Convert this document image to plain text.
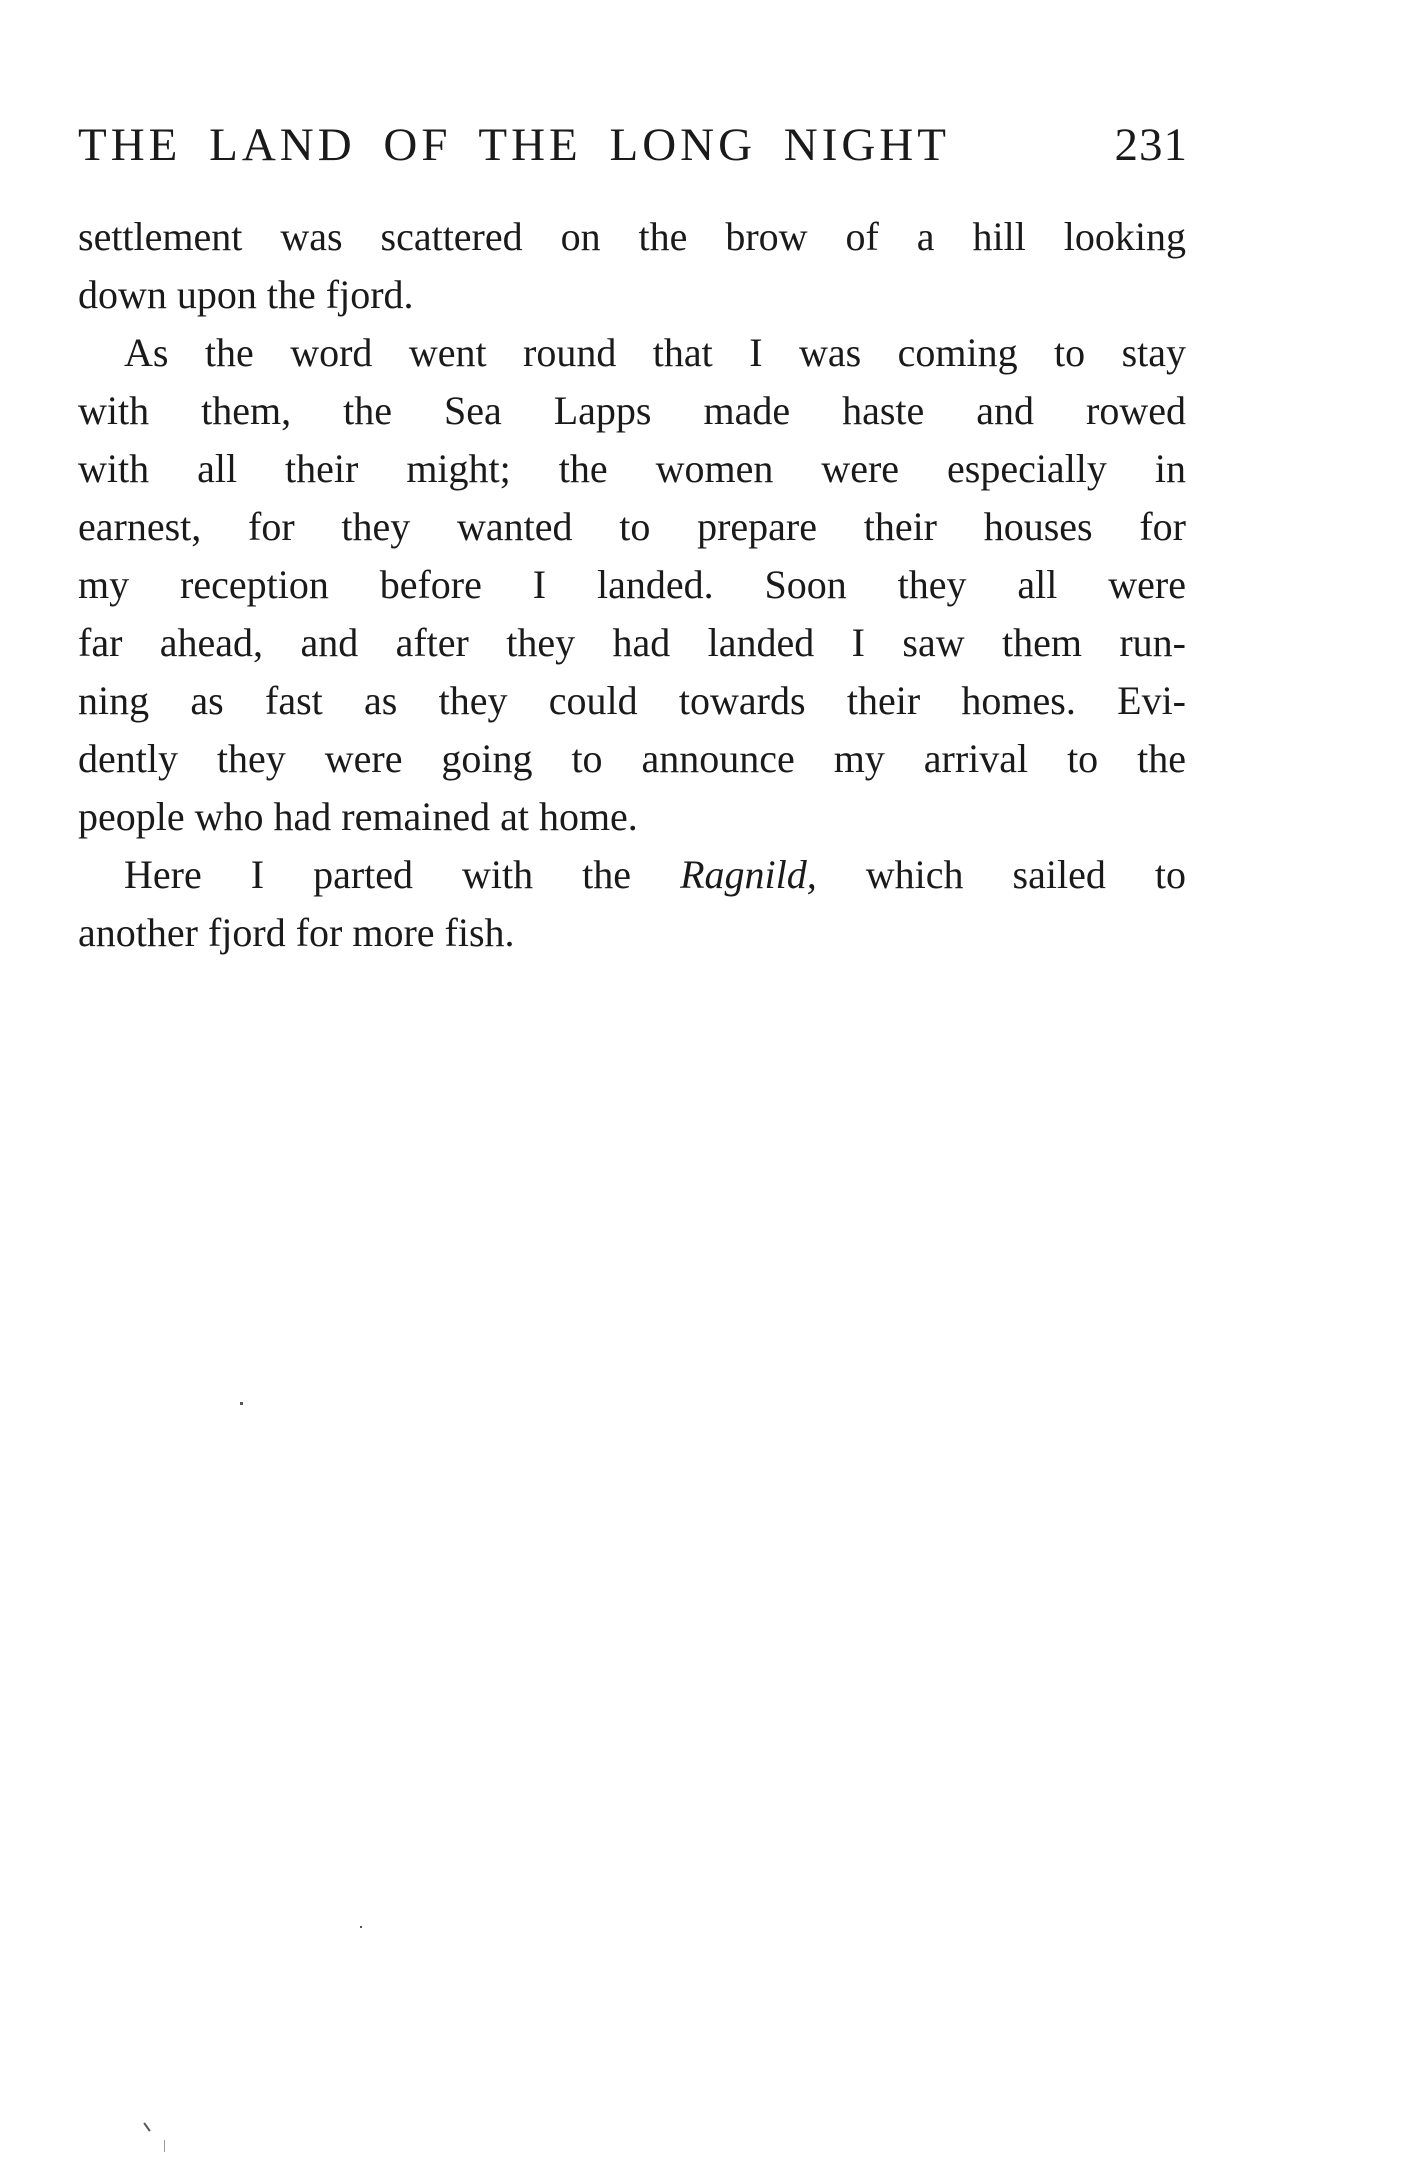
THE LAND OF THE LONG NIGHT	231
settlement was scattered on the brow of a hill looking
down upon the fjord.
As the word went round that I was coming to stay
with them, the Sea Lapps made haste and rowed
with all their might; the women were especially in
earnest, for they wanted to prepare their houses for
my reception before I landed. Soon they all were
far ahead, and after they had landed I saw them run-
ning as fast as they could towards their homes. Evi-
dently they were going to announce my arrival to the
people who had remained at home.
Here I parted with the Ragnild, which sailed to
another fjord for more fish.
